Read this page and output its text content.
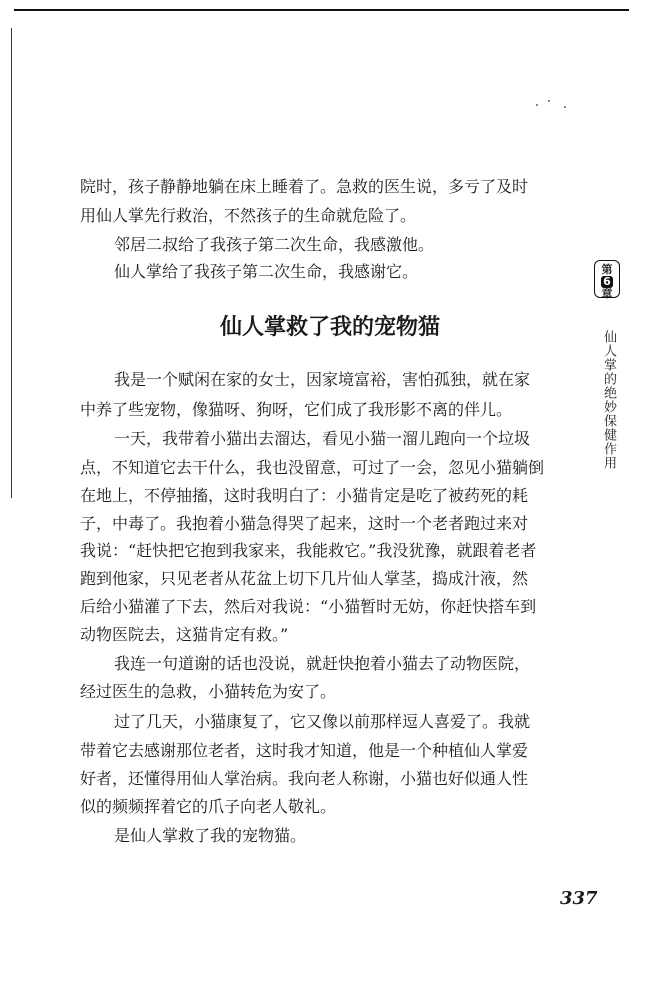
院时，孩子静静地躺在床上睡着了。急救的医生说，多亏了及时
用仙人掌先行救治，不然孩子的生命就危险了。
邻居二叔给了我孩子第二次生命，我感激他。
仙人掌给了我孩子第二次生命，我感谢它。
仙人掌救了我的宠物猫
我是一个赋闲在家的女士，因家境富裕，害怕孤独，就在家
中养了些宠物，像猫呀、狗呀，它们成了我形影不离的伴儿。
一天，我带着小猫出去溜达，看见小猫一溜儿跑向一个垃圾
点，不知道它去干什么，我也没留意，可过了一会，忽见小猫躺倒
在地上，不停抽搐，这时我明白了：小猫肯定是吃了被药死的耗
子，中毒了。我抱着小猫急得哭了起来，这时一个老者跑过来对
我说：“赶快把它抱到我家来，我能救它。”我没犹豫，就跟着老者
跑到他家，只见老者从花盆上切下几片仙人掌茎，捣成汁液，然
后给小猫灌了下去，然后对我说：“小猫暂时无妨，你赶快搭车到
动物医院去，这猫肯定有救。”
我连一句道谢的话也没说，就赶快抱着小猫去了动物医院，
经过医生的急救，小猫转危为安了。
过了几天，小猫康复了，它又像以前那样逗人喜爱了。我就
带着它去感谢那位老者，这时我才知道，他是一个种植仙人掌爱
好者，还懂得用仙人掌治病。我向老人称谢，小猫也好似通人性
似的频频挥着它的爪子向老人敬礼。
是仙人掌救了我的宠物猫。
第
6
章
仙人掌的绝妙保健作用
337
